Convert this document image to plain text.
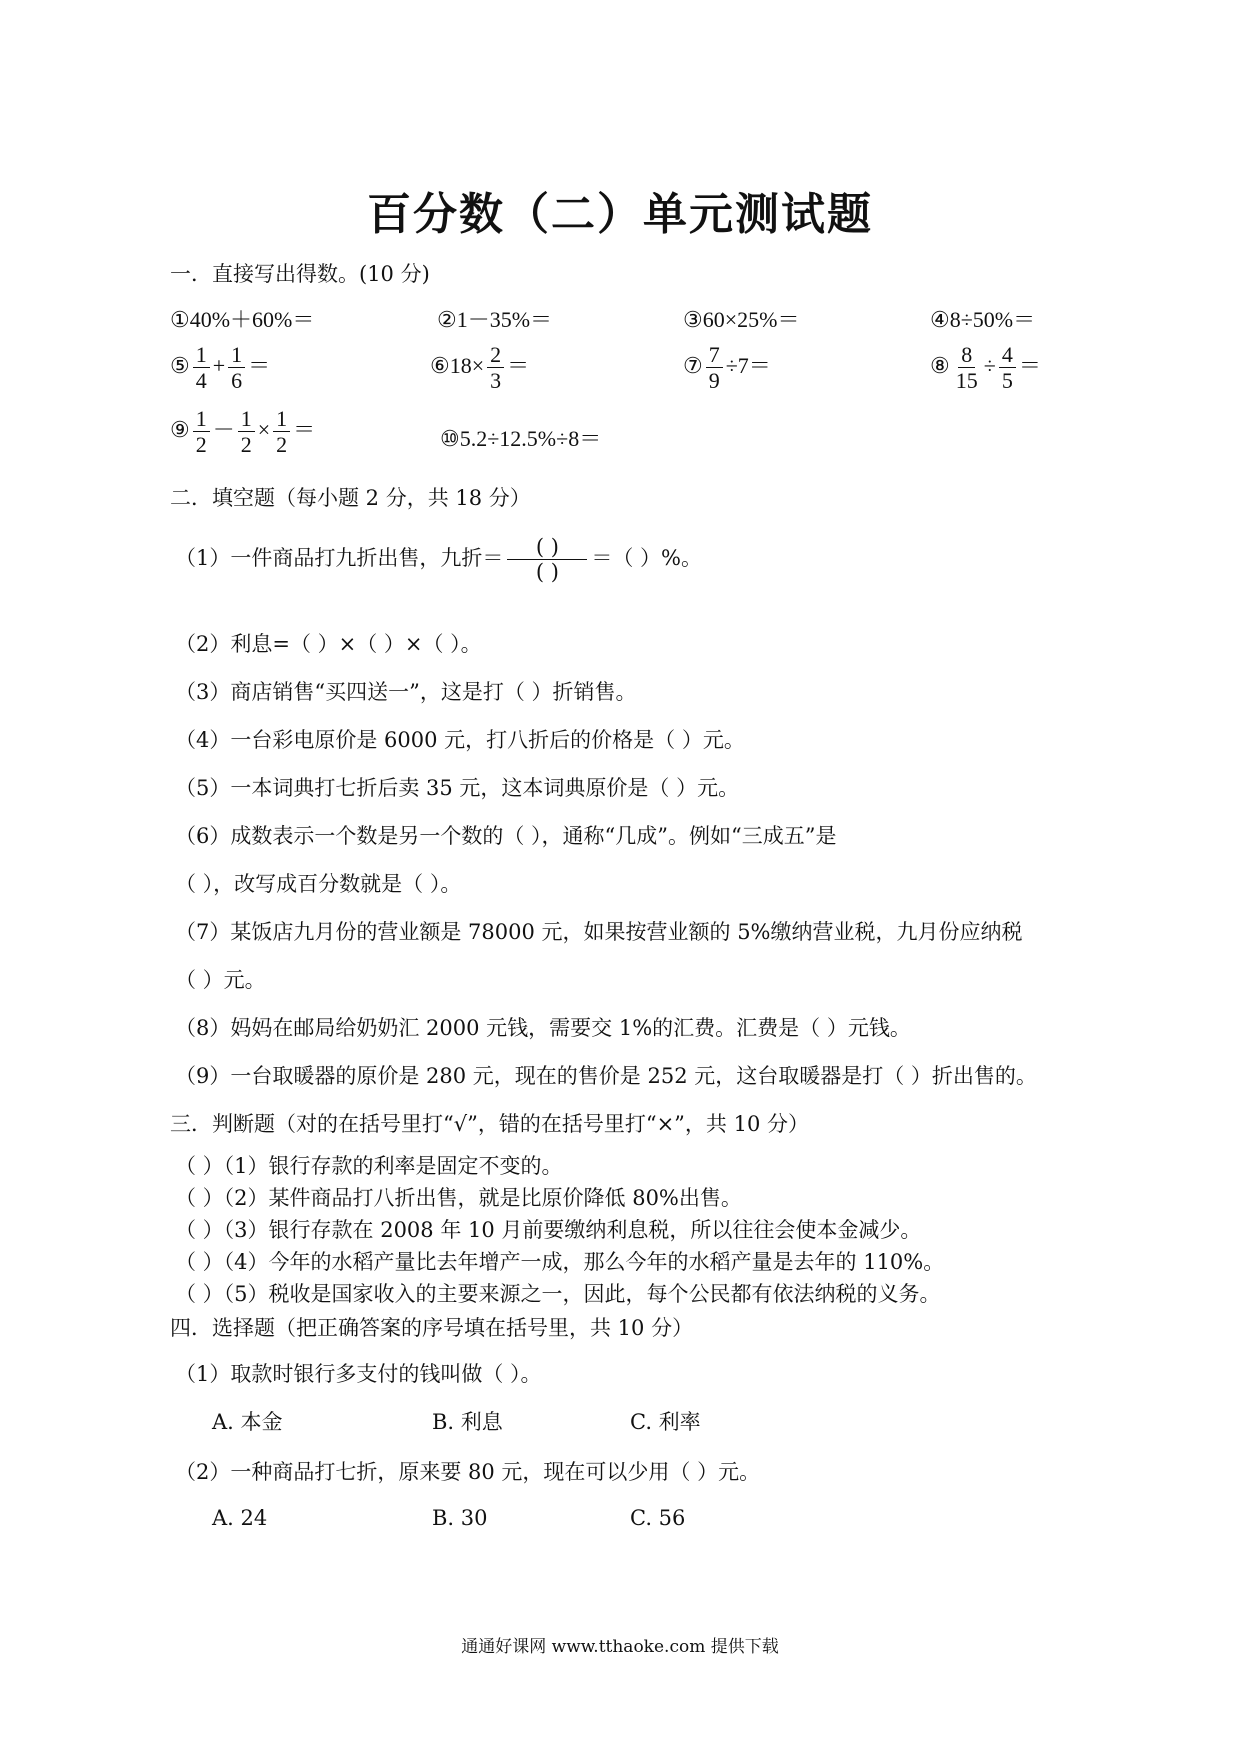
百分数（二）单元测试题
一．直接写出得数。(10 分)
①40%＋60%＝	②1－35%＝	③60×25%＝	④8÷50%＝
⑤ $\frac{1}{4} + \frac{1}{6}$ ＝	⑥18× $\frac{2}{3}$ ＝	⑦ $\frac{7}{9} \div 7=$	⑧ $\frac{8}{15} \div \frac{4}{5}$ ＝
⑨ $\frac{1}{2} - \frac{1}{2} \times \frac{1}{2}$ ＝	⑩5.2÷12.5%÷8＝
二．填空题（每小题 2 分，共 18 分）
（1）一件商品打九折出售，九折＝ $\frac{( )}{( )}$ ＝（ ）%。
（2）利息=（ ）×（ ）×（ ）。
（3）商店销售“买四送一”，这是打（ ）折销售。
（4）一台彩电原价是 6000 元，打八折后的价格是（ ）元。
（5）一本词典打七折后卖 35 元，这本词典原价是（ ）元。
（6）成数表示一个数是另一个数的（ ），通称“几成”。例如“三成五”是
（ ），改写成百分数就是（ ）。
（7）某饭店九月份的营业额是 78000 元，如果按营业额的 5%缴纳营业税，九月份应纳税
（ ）元。
（8）妈妈在邮局给奶奶汇 2000 元钱，需要交 1%的汇费。汇费是（ ）元钱。
（9）一台取暖器的原价是 280 元，现在的售价是 252 元，这台取暖器是打（ ）折出售的。
三．判断题（对的在括号里打“√”，错的在括号里打“×”，共 10 分）
（ ）（1）银行存款的利率是固定不变的。
（ ）（2）某件商品打八折出售，就是比原价降低 80%出售。
（ ）（3）银行存款在 2008 年 10 月前要缴纳利息税，所以往往会使本金减少。
（ ）（4）今年的水稻产量比去年增产一成，那么今年的水稻产量是去年的 110%。
（ ）（5）税收是国家收入的主要来源之一，因此，每个公民都有依法纳税的义务。
四．选择题（把正确答案的序号填在括号里，共 10 分）
（1）取款时银行多支付的钱叫做（ ）。
A. 本金	B. 利息	C. 利率
（2）一种商品打七折，原来要 80 元，现在可以少用（ ）元。
A. 24	B. 30	C. 56
通通好课网 www.tthaoke.com 提供下载
